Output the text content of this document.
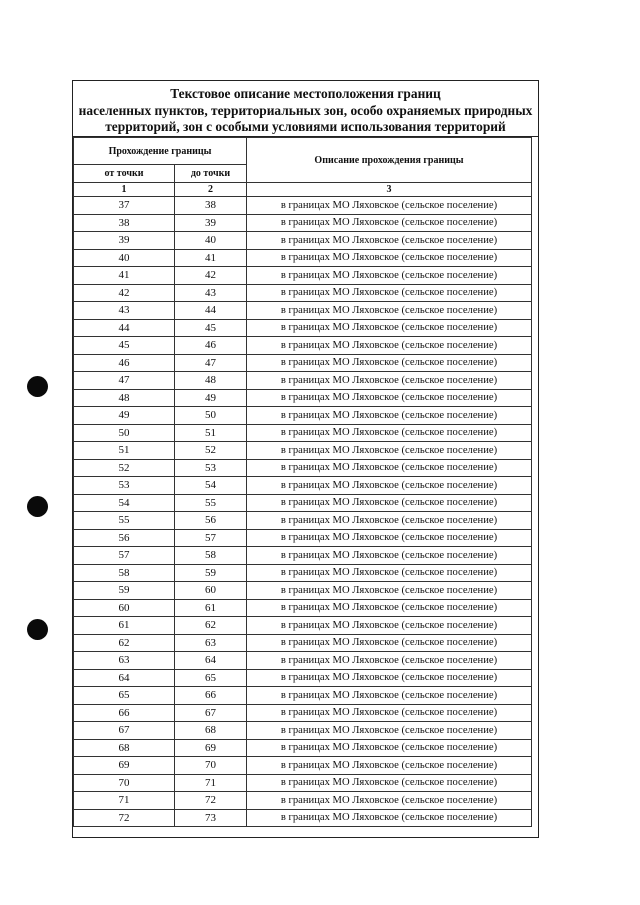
Текстовое описание местоположения границ
населенных пунктов, территориальных зон, особо охраняемых природных
территорий, зон с особыми условиями использования территорий
Прохождение границы		Описание прохождения границы
от точки	до точки	
1	2	3
37	38	в границах МО Ляховское (сельское поселение)
38	39	в границах МО Ляховское (сельское поселение)
39	40	в границах МО Ляховское (сельское поселение)
40	41	в границах МО Ляховское (сельское поселение)
41	42	в границах МО Ляховское (сельское поселение)
42	43	в границах МО Ляховское (сельское поселение)
43	44	в границах МО Ляховское (сельское поселение)
44	45	в границах МО Ляховское (сельское поселение)
45	46	в границах МО Ляховское (сельское поселение)
46	47	в границах МО Ляховское (сельское поселение)
47	48	в границах МО Ляховское (сельское поселение)
48	49	в границах МО Ляховское (сельское поселение)
49	50	в границах МО Ляховское (сельское поселение)
50	51	в границах МО Ляховское (сельское поселение)
51	52	в границах МО Ляховское (сельское поселение)
52	53	в границах МО Ляховское (сельское поселение)
53	54	в границах МО Ляховское (сельское поселение)
54	55	в границах МО Ляховское (сельское поселение)
55	56	в границах МО Ляховское (сельское поселение)
56	57	в границах МО Ляховское (сельское поселение)
57	58	в границах МО Ляховское (сельское поселение)
58	59	в границах МО Ляховское (сельское поселение)
59	60	в границах МО Ляховское (сельское поселение)
60	61	в границах МО Ляховское (сельское поселение)
61	62	в границах МО Ляховское (сельское поселение)
62	63	в границах МО Ляховское (сельское поселение)
63	64	в границах МО Ляховское (сельское поселение)
64	65	в границах МО Ляховское (сельское поселение)
65	66	в границах МО Ляховское (сельское поселение)
66	67	в границах МО Ляховское (сельское поселение)
67	68	в границах МО Ляховское (сельское поселение)
68	69	в границах МО Ляховское (сельское поселение)
69	70	в границах МО Ляховское (сельское поселение)
70	71	в границах МО Ляховское (сельское поселение)
71	72	в границах МО Ляховское (сельское поселение)
72	73	в границах МО Ляховское (сельское поселение)
